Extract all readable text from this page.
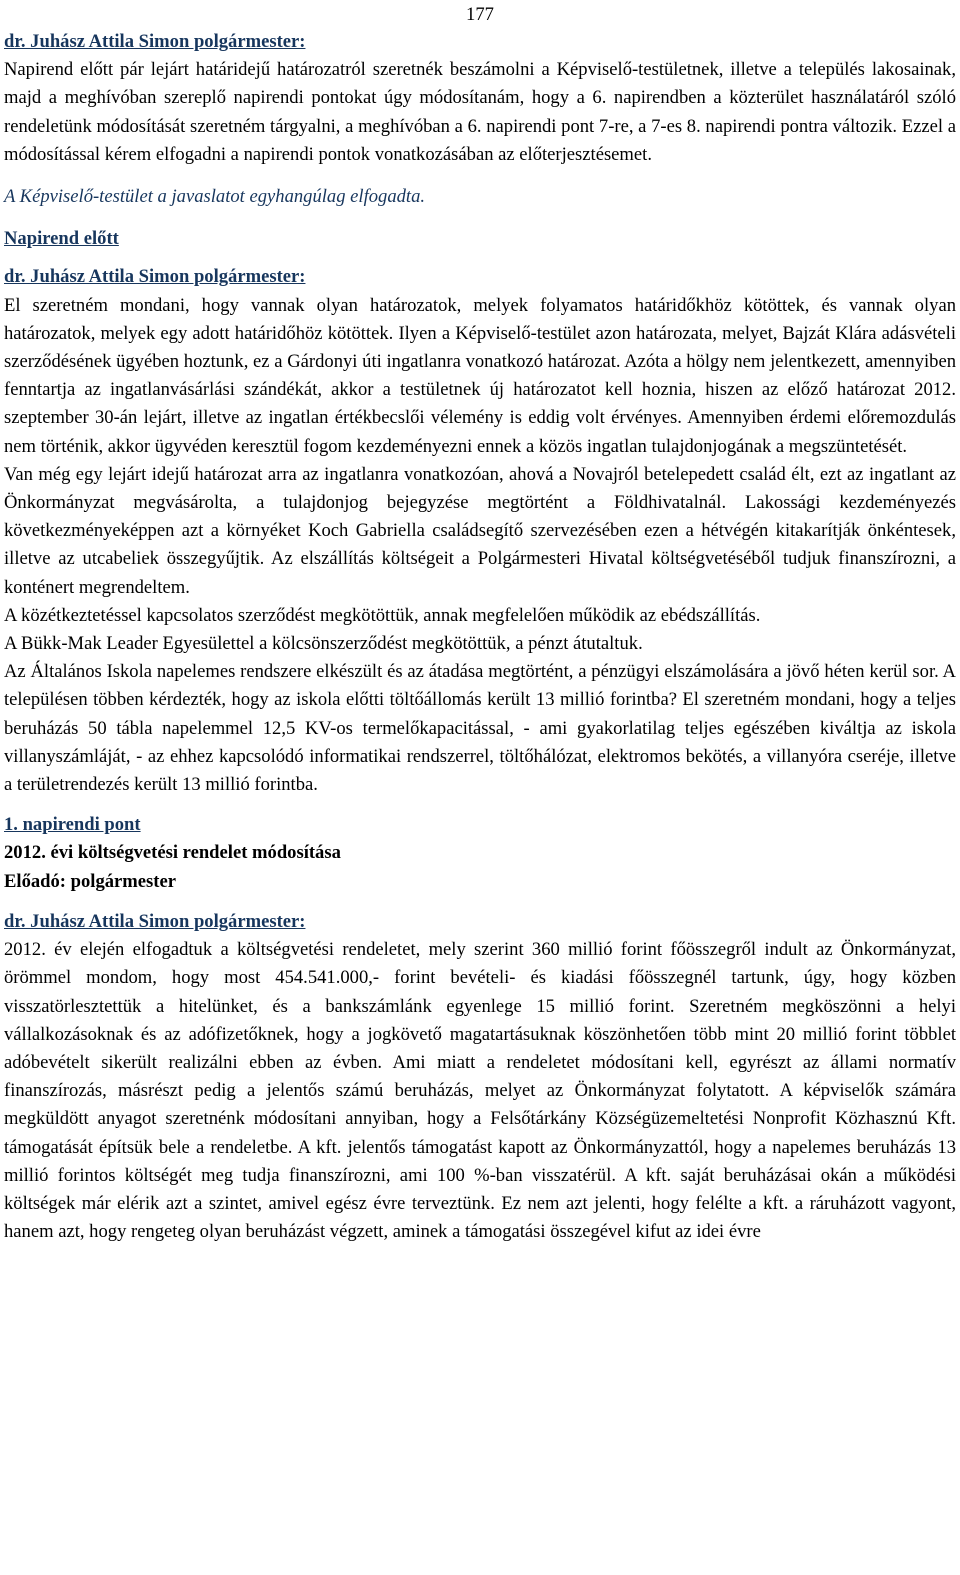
177

dr. Juhász Attila Simon polgármester:

Napirend előtt pár lejárt határidejű határozatról szeretnék beszámolni a Képviselő-testületnek, illetve a település lakosainak, majd a meghívóban szereplő napirendi pontokat úgy módosítanám, hogy a 6. napirendben a közterület használatáról szóló rendeletünk módosítását szeretném tárgyalni, a meghívóban a 6. napirendi pont 7-re, a 7-es 8. napirendi pontra változik. Ezzel a módosítással kérem elfogadni a napirendi pontok vonatkozásában az előterjesztésemet.

A Képviselő-testület a javaslatot egyhangúlag elfogadta.

Napirend előtt

dr. Juhász Attila Simon polgármester:

El szeretném mondani, hogy vannak olyan határozatok, melyek folyamatos határidőkhöz kötöttek, és vannak olyan határozatok, melyek egy adott határidőhöz kötöttek. Ilyen a Képviselő-testület azon határozata, melyet, Bajzát Klára adásvételi szerződésének ügyében hoztunk, ez a Gárdonyi úti ingatlanra vonatkozó határozat. Azóta a hölgy nem jelentkezett, amennyiben fenntartja az ingatlanvásárlási szándékát, akkor a testületnek új határozatot kell hoznia, hiszen az előző határozat 2012. szeptember 30-án lejárt, illetve az ingatlan értékbecslői vélemény is eddig volt érvényes. Amennyiben érdemi előremozdulás nem történik, akkor ügyvéden keresztül fogom kezdeményezni ennek a közös ingatlan tulajdonjogának a megszüntetését.

Van még egy lejárt idejű határozat arra az ingatlanra vonatkozóan, ahová a Novajról betelepedett család élt, ezt az ingatlant az Önkormányzat megvásárolta, a tulajdonjog bejegyzése megtörtént a Földhivatalnál. Lakossági kezdeményezés következményeképpen azt a környéket Koch Gabriella családsegítő szervezésében ezen a hétvégén kitakarítják önkéntesek, illetve az utcabeliek összegyűjtik. Az elszállítás költségeit a Polgármesteri Hivatal költségvetéséből tudjuk finanszírozni, a konténert megrendeltem.

A közétkeztetéssel kapcsolatos szerződést megkötöttük, annak megfelelően működik az ebédszállítás.

A Bükk-Mak Leader Egyesülettel a kölcsönszerződést megkötöttük, a pénzt átutaltuk.

Az Általános Iskola napelemes rendszere elkészült és az átadása megtörtént, a pénzügyi elszámolására a jövő héten kerül sor. A településen többen kérdezték, hogy az iskola előtti töltőállomás került 13 millió forintba? El szeretném mondani, hogy a teljes beruházás 50 tábla napelemmel 12,5 KV-os termelőkapacitással, - ami gyakorlatilag teljes egészében kiváltja az iskola villanyszámláját, - az ehhez kapcsolódó informatikai rendszerrel, töltőhálózat, elektromos bekötés, a villanyóra cseréje, illetve a területrendezés került 13 millió forintba.

1. napirendi pont

2012. évi költségvetési rendelet módosítása

Előadó: polgármester

dr. Juhász Attila Simon polgármester:

2012. év elején elfogadtuk a költségvetési rendeletet, mely szerint 360 millió forint főösszegről indult az Önkormányzat, örömmel mondom, hogy most 454.541.000,- forint bevételi- és kiadási főösszegnél tartunk, úgy, hogy közben visszatörlesztettük a hitelünket, és a bankszámlánk egyenlege 15 millió forint. Szeretném megköszönni a helyi vállalkozásoknak és az adófizetőknek, hogy a jogkövető magatartásuknak köszönhetően több mint 20 millió forint többlet adóbevételt sikerült realizálni ebben az évben. Ami miatt a rendeletet módosítani kell, egyrészt az állami normatív finanszírozás, másrészt pedig a jelentős számú beruházás, melyet az Önkormányzat folytatott. A képviselők számára megküldött anyagot szeretnénk módosítani annyiban, hogy a Felsőtárkány Községüzemeltetési Nonprofit Közhasznú Kft. támogatását építsük bele a rendeletbe. A kft. jelentős támogatást kapott az Önkormányzattól, hogy a napelemes beruházás 13 millió forintos költségét meg tudja finanszírozni, ami 100 %-ban visszatérül. A kft. saját beruházásai okán a működési költségek már elérik azt a szintet, amivel egész évre terveztünk. Ez nem azt jelenti, hogy felélte a kft. a ráruházott vagyont, hanem azt, hogy rengeteg olyan beruházást végzett, aminek a támogatási összegével kifut az idei évre
